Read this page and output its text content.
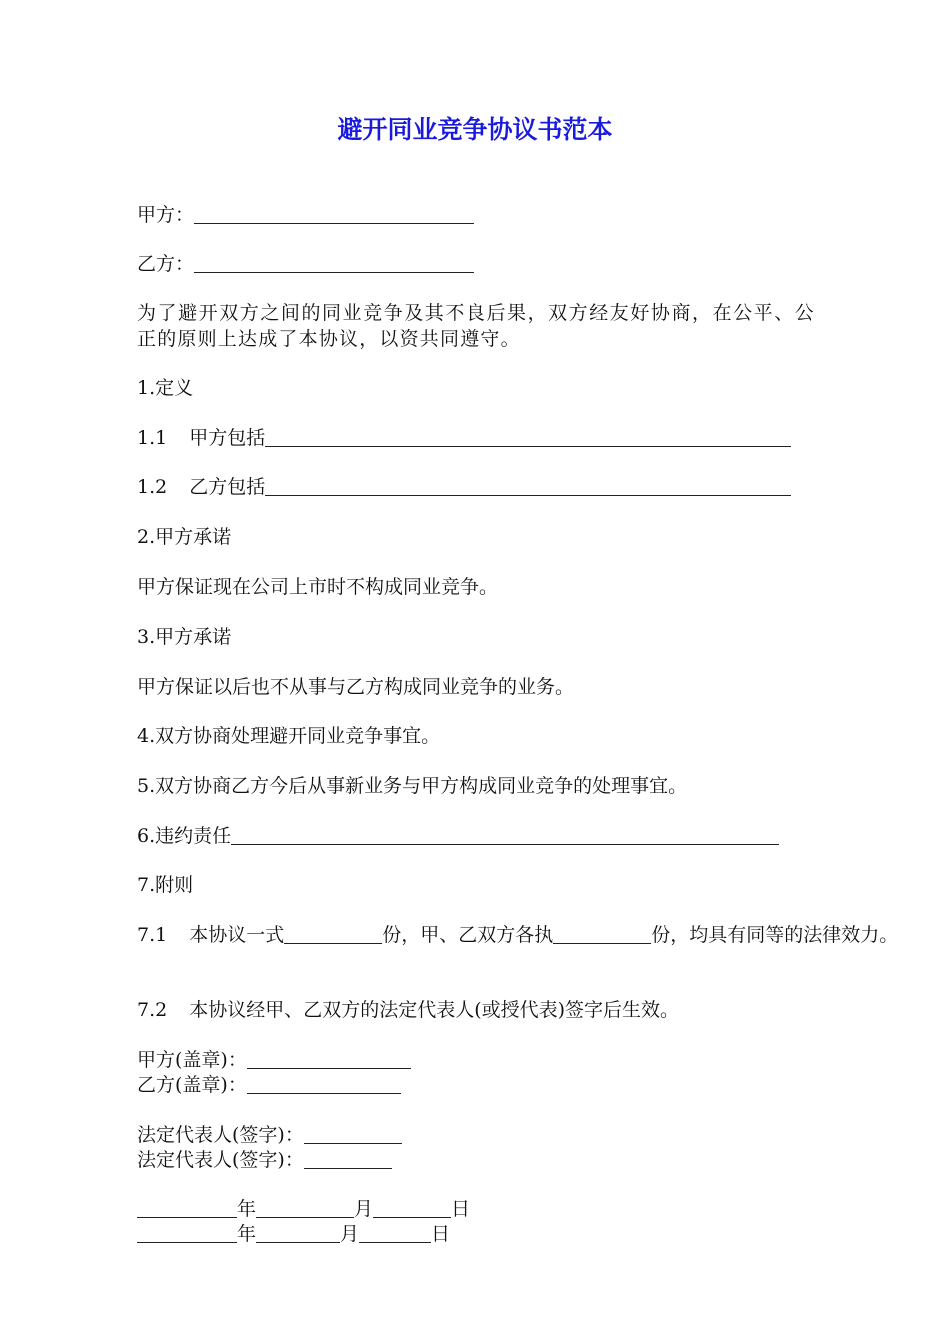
避开同业竞争协议书范本
甲方：
乙方：
为了避开双方之间的同业竞争及其不良后果，双方经友好协商，在公平、公正的原则上达成了本协议，以资共同遵守。
1.定义
1.1 甲方包括
1.2 乙方包括
2.甲方承诺
甲方保证现在公司上市时不构成同业竞争。
3.甲方承诺
甲方保证以后也不从事与乙方构成同业竞争的业务。
4.双方协商处理避开同业竞争事宜。
5.双方协商乙方今后从事新业务与甲方构成同业竞争的处理事宜。
6.违约责任
7.附则
7.1 本协议一式	份，甲、乙双方各执	份，均具有同等的法律效力。
7.2 本协议经甲、乙双方的法定代表人(或授代表)签字后生效。
甲方(盖章)：
乙方(盖章)：
法定代表人(签字)：
法定代表人(签字)：
年	月	日
年	月	日
